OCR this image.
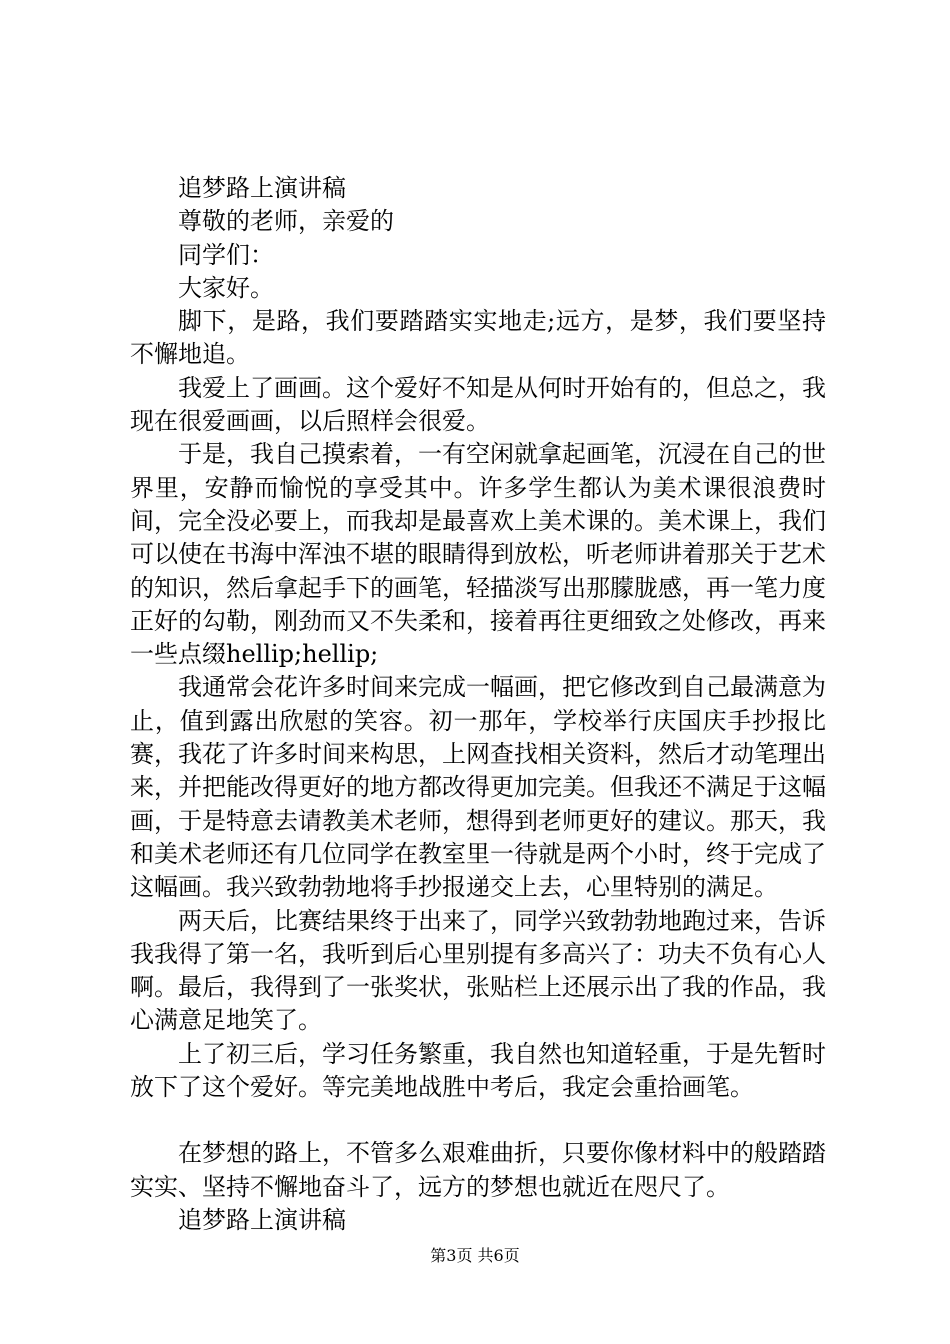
追梦路上演讲稿

尊敬的老师，亲爱的

同学们：

大家好。

脚下，是路，我们要踏踏实实地走;远方，是梦，我们要坚持不懈地追。

我爱上了画画。这个爱好不知是从何时开始有的，但总之，我现在很爱画画，以后照样会很爱。

于是，我自己摸索着，一有空闲就拿起画笔，沉浸在自己的世界里，安静而愉悦的享受其中。许多学生都认为美术课很浪费时间，完全没必要上，而我却是最喜欢上美术课的。美术课上，我们可以使在书海中浑浊不堪的眼睛得到放松，听老师讲着那关于艺术的知识，然后拿起手下的画笔，轻描淡写出那朦胧感，再一笔力度正好的勾勒，刚劲而又不失柔和，接着再往更细致之处修改，再来一些点缀hellip;hellip;

我通常会花许多时间来完成一幅画，把它修改到自己最满意为止，值到露出欣慰的笑容。初一那年，学校举行庆国庆手抄报比赛，我花了许多时间来构思，上网查找相关资料，然后才动笔理出来，并把能改得更好的地方都改得更加完美。但我还不满足于这幅画，于是特意去请教美术老师，想得到老师更好的建议。那天，我和美术老师还有几位同学在教室里一待就是两个小时，终于完成了这幅画。我兴致勃勃地将手抄报递交上去，心里特别的满足。

两天后，比赛结果终于出来了，同学兴致勃勃地跑过来，告诉我我得了第一名，我听到后心里别提有多高兴了：功夫不负有心人啊。最后，我得到了一张奖状，张贴栏上还展示出了我的作品，我心满意足地笑了。

上了初三后，学习任务繁重，我自然也知道轻重，于是先暂时放下了这个爱好。等完美地战胜中考后，我定会重拾画笔。

在梦想的路上，不管多么艰难曲折，只要你像材料中的般踏踏实实、坚持不懈地奋斗了，远方的梦想也就近在咫尺了。

追梦路上演讲稿

第3页 共6页
